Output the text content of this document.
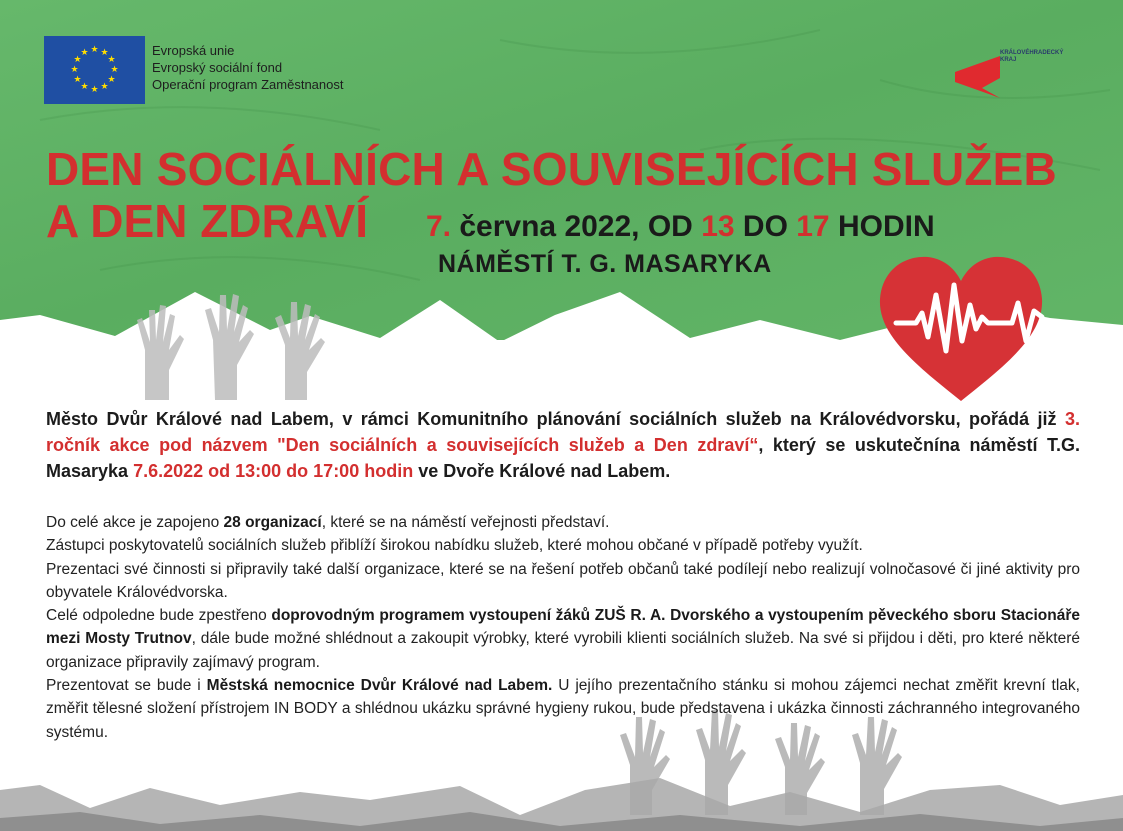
★ ★
★
★
★
★
★
★
★
★
★
★	Evropská unie
Evropský sociální fond
Operační program Zaměstnanost
KRÁLOVÉHRADECKÝ KRAJ
DEN SOCIÁLNÍCH A SOUVISEJÍCÍCH SLUŽEB
A DEN ZDRAVÍ 7. června 2022, OD 13 DO 17 HODIN
NÁMĚSTÍ T. G. MASARYKA
Město Dvůr Králové nad Labem, v rámci Komunitního plánování sociálních služeb na Královédvorsku, pořádá již 3. ročník akce pod názvem "Den sociálních a souvisejících služeb a Den zdraví“, který se uskutečnína náměstí T.G. Masaryka 7.6.2022 od 13:00 do 17:00 hodin ve Dvoře Králové nad Labem.

Do celé akce je zapojeno 28 organizací, které se na náměstí veřejnosti představí.

Zástupci poskytovatelů sociálních služeb přiblíží širokou nabídku služeb, které mohou občané v případě potřeby využít.

Prezentaci své činnosti si připravily také další organizace, které se na řešení potřeb občanů také podílejí nebo realizují volnočasové či jiné aktivity pro obyvatele Královédvorska.

Celé odpoledne bude zpestřeno doprovodným programem vystoupení žáků ZUŠ R. A. Dvorského a vystoupením pěveckého sboru Stacionáře mezi Mosty Trutnov, dále bude možné shlédnout a zakoupit výrobky, které vyrobili klienti sociálních služeb. Na své si přijdou i děti, pro které některé organizace připravily zajímavý program.

Prezentovat se bude i Městská nemocnice Dvůr Králové nad Labem. U jejího prezentačního stánku si mohou zájemci nechat změřit krevní tlak, změřit tělesné složení přístrojem IN BODY a shlédnou ukázku správné hygieny rukou, bude představena i ukázka činnosti záchranného integrovaného systému.
